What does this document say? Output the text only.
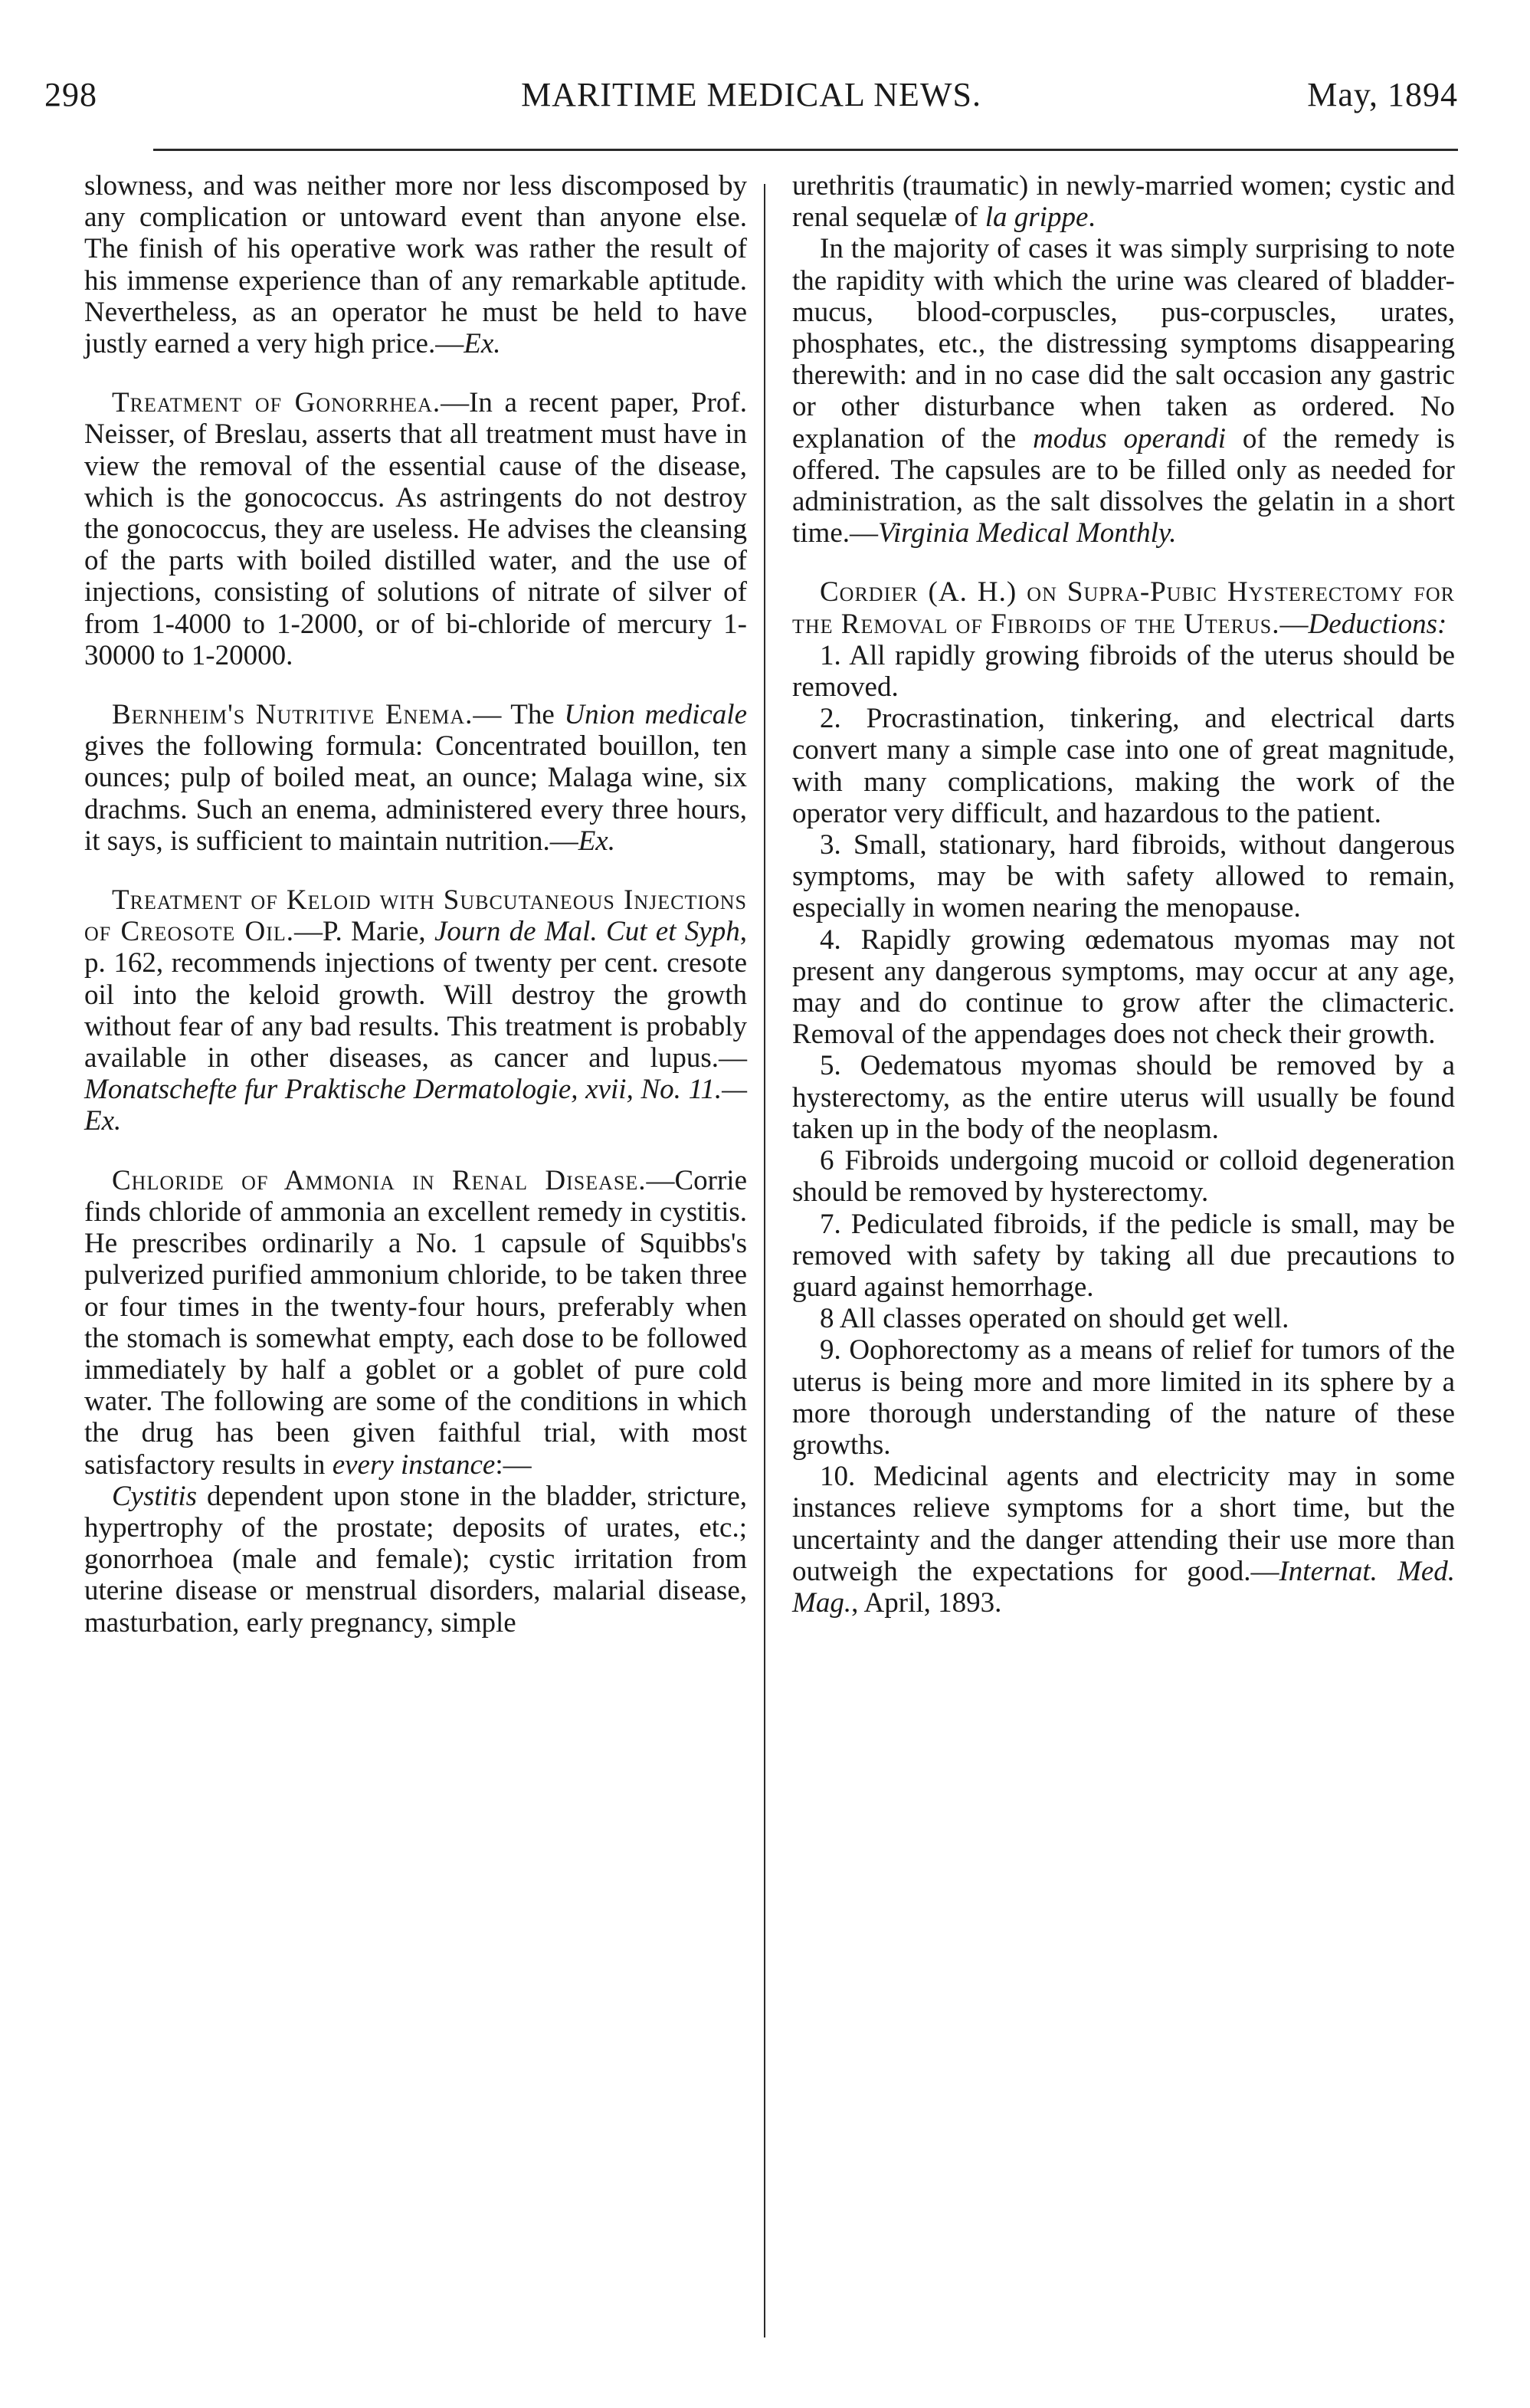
298	MARITIME MEDICAL NEWS.	May, 1894

slowness, and was neither more nor less discomposed by any complication or untoward event than anyone else. The finish of his operative work was rather the result of his immense experience than of any remarkable aptitude. Nevertheless, as an operator he must be held to have justly earned a very high price.—Ex.

Treatment of Gonorrhea.—In a recent paper, Prof. Neisser, of Breslau, asserts that all treatment must have in view the removal of the essential cause of the disease, which is the gonococcus. As astringents do not destroy the gonococcus, they are useless. He advises the cleansing of the parts with boiled distilled water, and the use of injections, consisting of solutions of nitrate of silver of from 1-4000 to 1-2000, or of bi-chloride of mercury 1-30000 to 1-20000.

Bernheim's Nutritive Enema.— The Union medicale gives the following formula: Concentrated bouillon, ten ounces; pulp of boiled meat, an ounce; Malaga wine, six drachms. Such an enema, administered every three hours, it says, is sufficient to maintain nutrition.—Ex.

Treatment of Keloid with Subcutaneous Injections of Creosote Oil.—P. Marie, Journ de Mal. Cut et Syph, p. 162, recommends injections of twenty per cent. cresote oil into the keloid growth. Will destroy the growth without fear of any bad results. This treatment is probably available in other diseases, as cancer and lupus.—Monatschefte fur Praktische Dermatologie, xvii, No. 11.—Ex.

Chloride of Ammonia in Renal Disease.—Corrie finds chloride of ammonia an excellent remedy in cystitis. He prescribes ordinarily a No. 1 capsule of Squibbs's pulverized purified ammonium chloride, to be taken three or four times in the twenty-four hours, preferably when the stomach is somewhat empty, each dose to be followed immediately by half a goblet or a goblet of pure cold water. The following are some of the conditions in which the drug has been given faithful trial, with most satisfactory results in every instance:—

Cystitis dependent upon stone in the bladder, stricture, hypertrophy of the prostate; deposits of urates, etc.; gonorrhoea (male and female); cystic irritation from uterine disease or menstrual disorders, malarial disease, masturbation, early pregnancy, simple

urethritis (traumatic) in newly-married women; cystic and renal sequelæ of la grippe.

In the majority of cases it was simply surprising to note the rapidity with which the urine was cleared of bladder-mucus, blood-corpuscles, pus-corpuscles, urates, phosphates, etc., the distressing symptoms disappearing therewith: and in no case did the salt occasion any gastric or other disturbance when taken as ordered. No explanation of the modus operandi of the remedy is offered. The capsules are to be filled only as needed for administration, as the salt dissolves the gelatin in a short time.—Virginia Medical Monthly.

Cordier (A. H.) on Supra-Pubic Hysterectomy for the Removal of Fibroids of the Uterus.—Deductions:

1. All rapidly growing fibroids of the uterus should be removed.

2. Procrastination, tinkering, and electrical darts convert many a simple case into one of great magnitude, with many complications, making the work of the operator very difficult, and hazardous to the patient.

3. Small, stationary, hard fibroids, without dangerous symptoms, may be with safety allowed to remain, especially in women nearing the menopause.

4. Rapidly growing œdematous myomas may not present any dangerous symptoms, may occur at any age, may and do continue to grow after the climacteric. Removal of the appendages does not check their growth.

5. Oedematous myomas should be removed by a hysterectomy, as the entire uterus will usually be found taken up in the body of the neoplasm.

6 Fibroids undergoing mucoid or colloid degeneration should be removed by hysterectomy.

7. Pediculated fibroids, if the pedicle is small, may be removed with safety by taking all due precautions to guard against hemorrhage.

8 All classes operated on should get well.

9. Oophorectomy as a means of relief for tumors of the uterus is being more and more limited in its sphere by a more thorough understanding of the nature of these growths.

10. Medicinal agents and electricity may in some instances relieve symptoms for a short time, but the uncertainty and the danger attending their use more than outweigh the expectations for good.—Internat. Med. Mag., April, 1893.
